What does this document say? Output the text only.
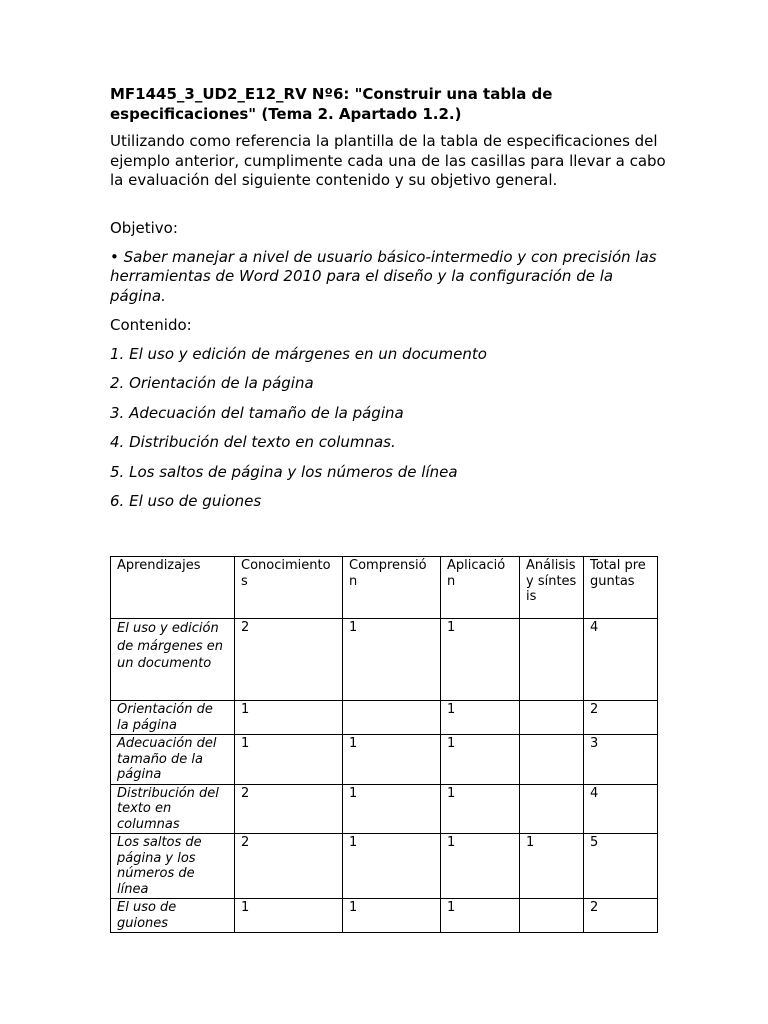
MF1445_3_UD2_E12_RV Nº6: "Construir una tabla de especificaciones" (Tema 2. Apartado 1.2.)
Utilizando como referencia la plantilla de la tabla de especificaciones del ejemplo anterior, cumplimente cada una de las casillas para llevar a cabo la evaluación del siguiente contenido y su objetivo general.
Objetivo:
• Saber manejar a nivel de usuario básico-intermedio y con precisión las herramientas de Word 2010 para el diseño y la configuración de la página.
Contenido:
1. El uso y edición de márgenes en un documento
2. Orientación de la página
3. Adecuación del tamaño de la página
4. Distribución del texto en columnas.
5. Los saltos de página y los números de línea
6. El uso de guiones
Aprendizajes	Conocimientos	Comprensión	Aplicación	Análisis y síntesis	Total preguntas
El uso y edición de márgenes en un documento	2	1	1		4
Orientación de la página	1		1		2
Adecuación del tamaño de la página	1	1	1		3
Distribución del texto en columnas	2	1	1		4
Los saltos de página y los números de línea	2	1	1	1	5
El uso de guiones	1	1	1		2
